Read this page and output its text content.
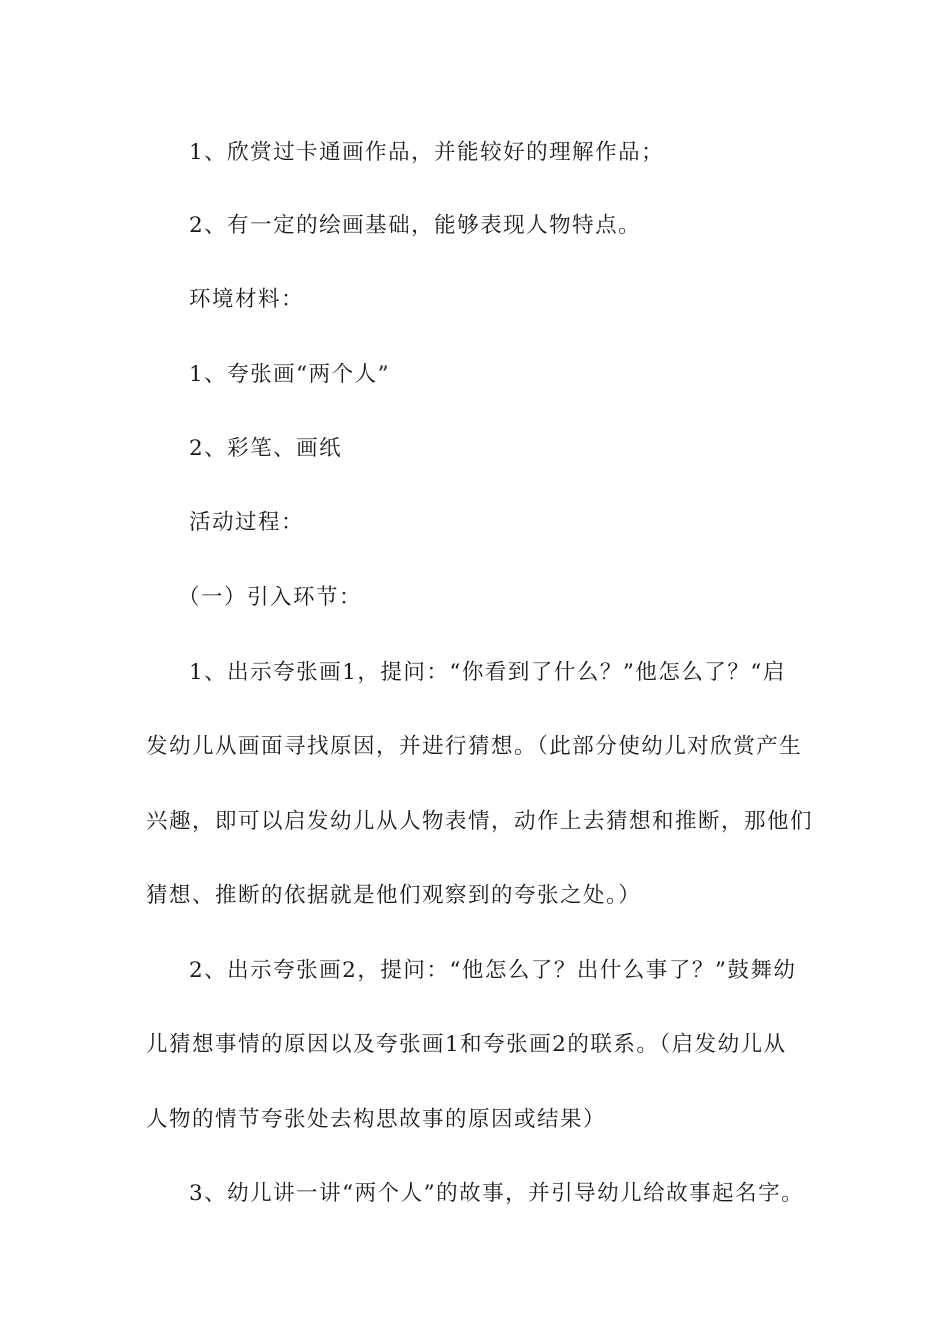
1、欣赏过卡通画作品，并能较好的理解作品；
2、有一定的绘画基础，能够表现人物特点。
环境材料：
1、夸张画“两个人”
2、彩笔、画纸
活动过程：
（一）引入环节：
1、出示夸张画1，提问：“你看到了什么？”他怎么了？“启
发幼儿从画面寻找原因，并进行猜想。（此部分使幼儿对欣赏产生
兴趣，即可以启发幼儿从人物表情，动作上去猜想和推断，那他们
猜想、推断的依据就是他们观察到的夸张之处。）
2、出示夸张画2，提问：“他怎么了？出什么事了？”鼓舞幼
儿猜想事情的原因以及夸张画1和夸张画2的联系。（启发幼儿从
人物的情节夸张处去构思故事的原因或结果）
3、幼儿讲一讲“两个人”的故事，并引导幼儿给故事起名字。
